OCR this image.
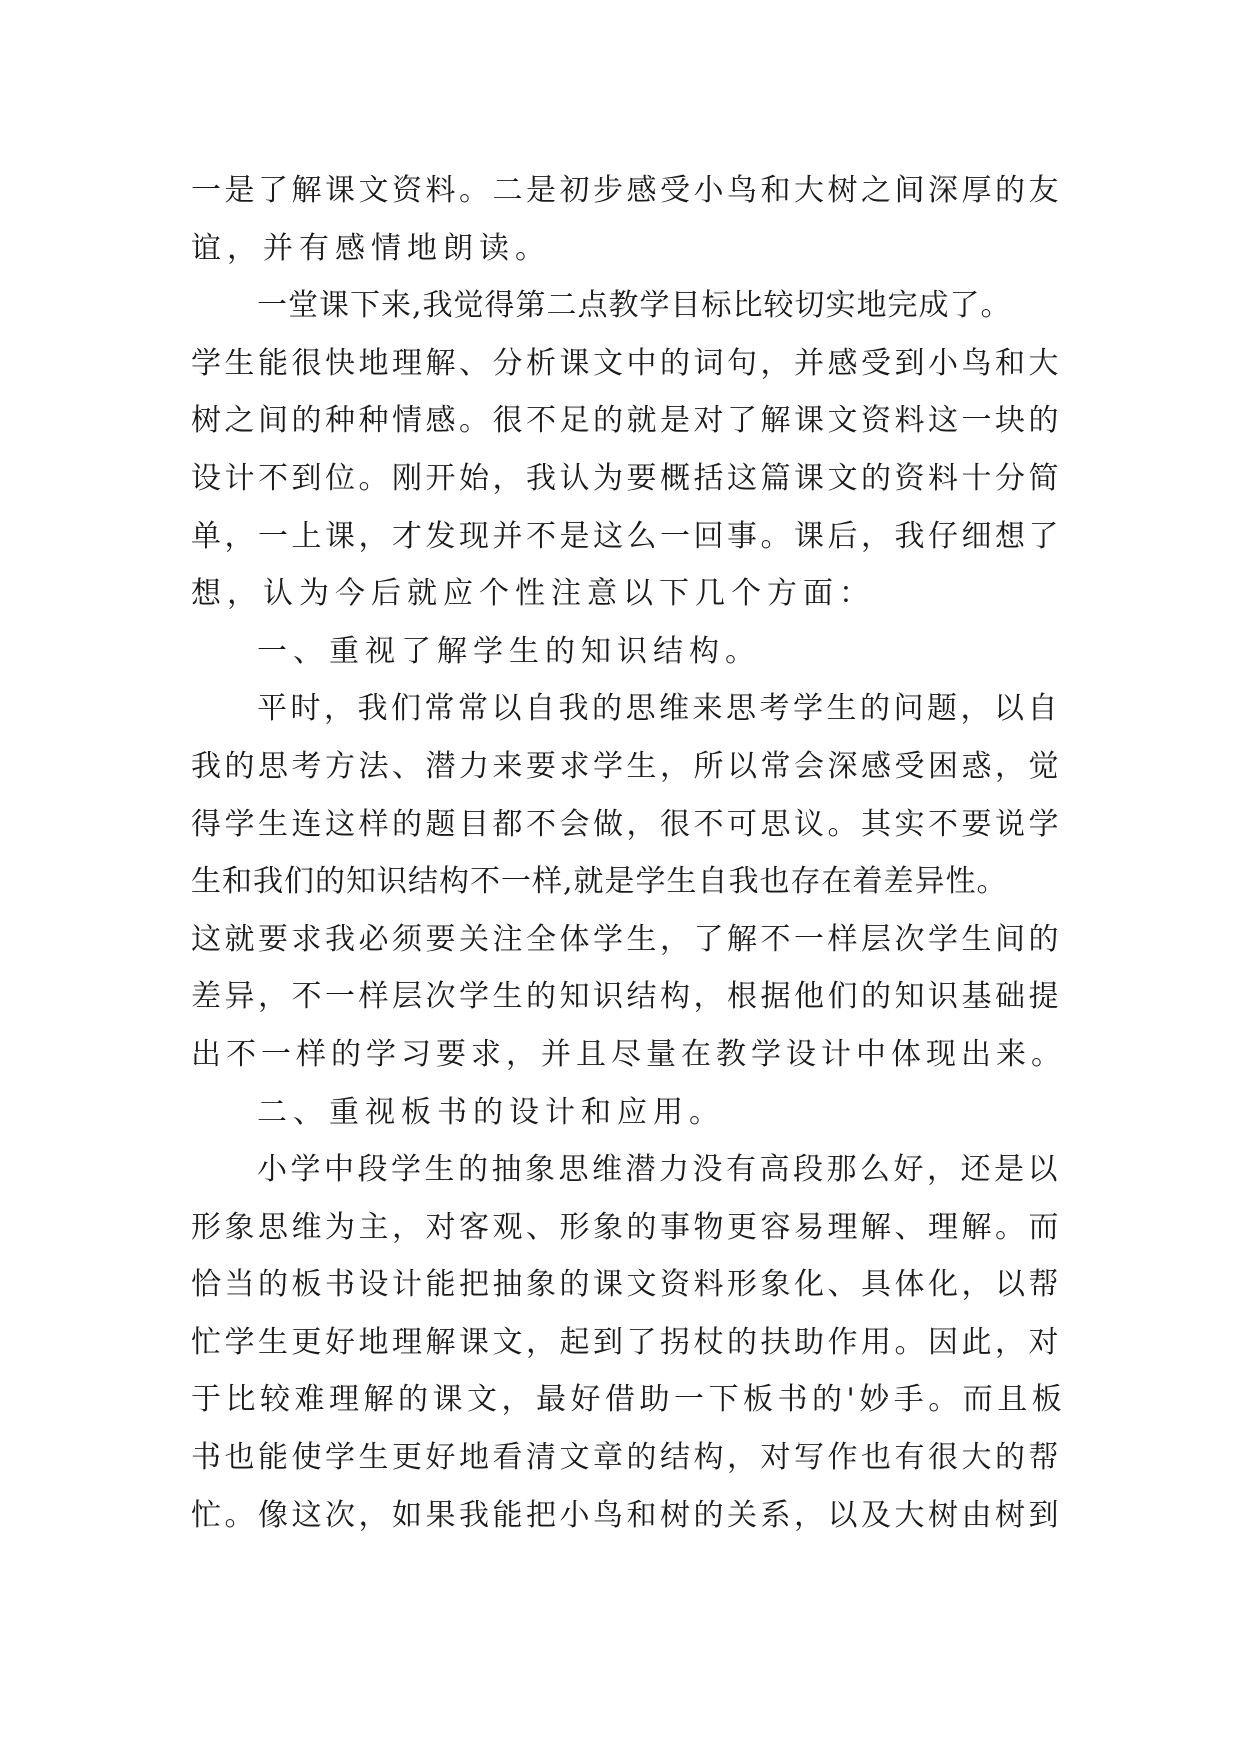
一是了解课文资料。二是初步感受小鸟和大树之间深厚的友
谊，并有感情地朗读。
一堂课下来,我觉得第二点教学目标比较切实地完成了。
学生能很快地理解、分析课文中的词句，并感受到小鸟和大
树之间的种种情感。很不足的就是对了解课文资料这一块的
设计不到位。刚开始，我认为要概括这篇课文的资料十分简
单，一上课，才发现并不是这么一回事。课后，我仔细想了
想，认为今后就应个性注意以下几个方面：
一、重视了解学生的知识结构。
平时，我们常常以自我的思维来思考学生的问题，以自
我的思考方法、潜力来要求学生，所以常会深感受困惑，觉
得学生连这样的题目都不会做，很不可思议。其实不要说学
生和我们的知识结构不一样,就是学生自我也存在着差异性。
这就要求我必须要关注全体学生，了解不一样层次学生间的
差异，不一样层次学生的知识结构，根据他们的知识基础提
出不一样的学习要求，并且尽量在教学设计中体现出来。
二、重视板书的设计和应用。
小学中段学生的抽象思维潜力没有高段那么好，还是以
形象思维为主，对客观、形象的事物更容易理解、理解。而
恰当的板书设计能把抽象的课文资料形象化、具体化，以帮
忙学生更好地理解课文，起到了拐杖的扶助作用。因此，对
于比较难理解的课文，最好借助一下板书的'妙手。而且板
书也能使学生更好地看清文章的结构，对写作也有很大的帮
忙。像这次，如果我能把小鸟和树的关系，以及大树由树到
